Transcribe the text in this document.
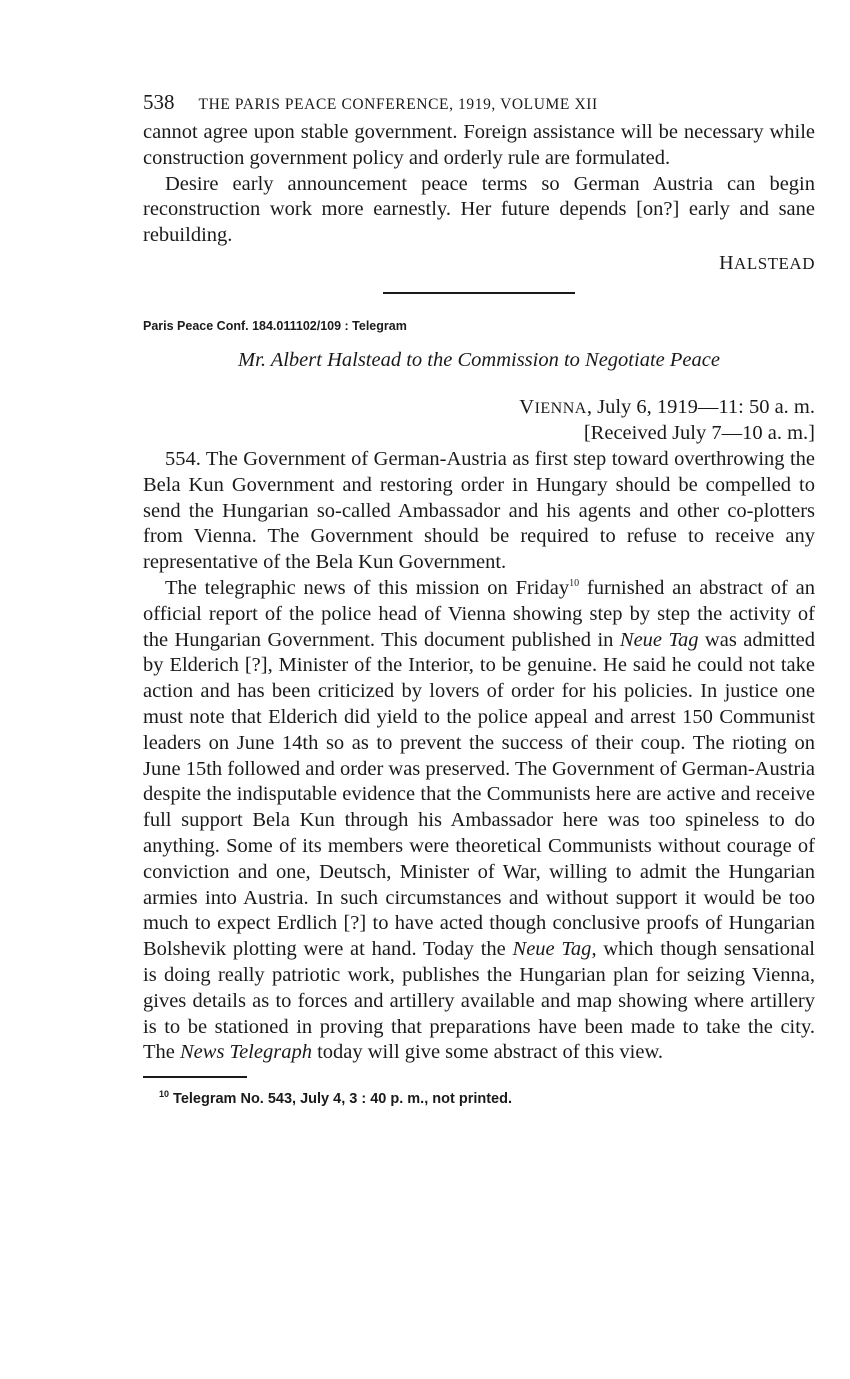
538 THE PARIS PEACE CONFERENCE, 1919, VOLUME XII

cannot agree upon stable government. Foreign assistance will be necessary while construction government policy and orderly rule are formulated.

Desire early announcement peace terms so German Austria can begin reconstruction work more earnestly. Her future depends [on?] early and sane rebuilding.

HALSTEAD
Paris Peace Conf. 184.011102/109 : Telegram
Mr. Albert Halstead to the Commission to Negotiate Peace
VIENNA, July 6, 1919—11: 50 a. m.
[Received July 7—10 a. m.]

554. The Government of German-Austria as first step toward overthrowing the Bela Kun Government and restoring order in Hungary should be compelled to send the Hungarian so-called Ambassador and his agents and other co-plotters from Vienna. The Government should be required to refuse to receive any representative of the Bela Kun Government.

The telegraphic news of this mission on Friday$^{10}$ furnished an abstract of an official report of the police head of Vienna showing step by step the activity of the Hungarian Government. This document published in Neue Tag was admitted by Elderich [?], Minister of the Interior, to be genuine. He said he could not take action and has been criticized by lovers of order for his policies. In justice one must note that Elderich did yield to the police appeal and arrest 150 Communist leaders on June 14th so as to prevent the success of their coup. The rioting on June 15th followed and order was preserved. The Government of German-Austria despite the indisputable evidence that the Communists here are active and receive full support Bela Kun through his Ambassador here was too spineless to do anything. Some of its members were theoretical Communists without courage of conviction and one, Deutsch, Minister of War, willing to admit the Hungarian armies into Austria. In such circumstances and without support it would be too much to expect Erdlich [?] to have acted though conclusive proofs of Hungarian Bolshevik plotting were at hand. Today the Neue Tag, which though sensational is doing really patriotic work, publishes the Hungarian plan for seizing Vienna, gives details as to forces and artillery available and map showing where artillery is to be stationed in proving that preparations have been made to take the city. The News Telegraph today will give some abstract of this view.

$^{10}$ Telegram No. 543, July 4, 3 : 40 p. m., not printed.
